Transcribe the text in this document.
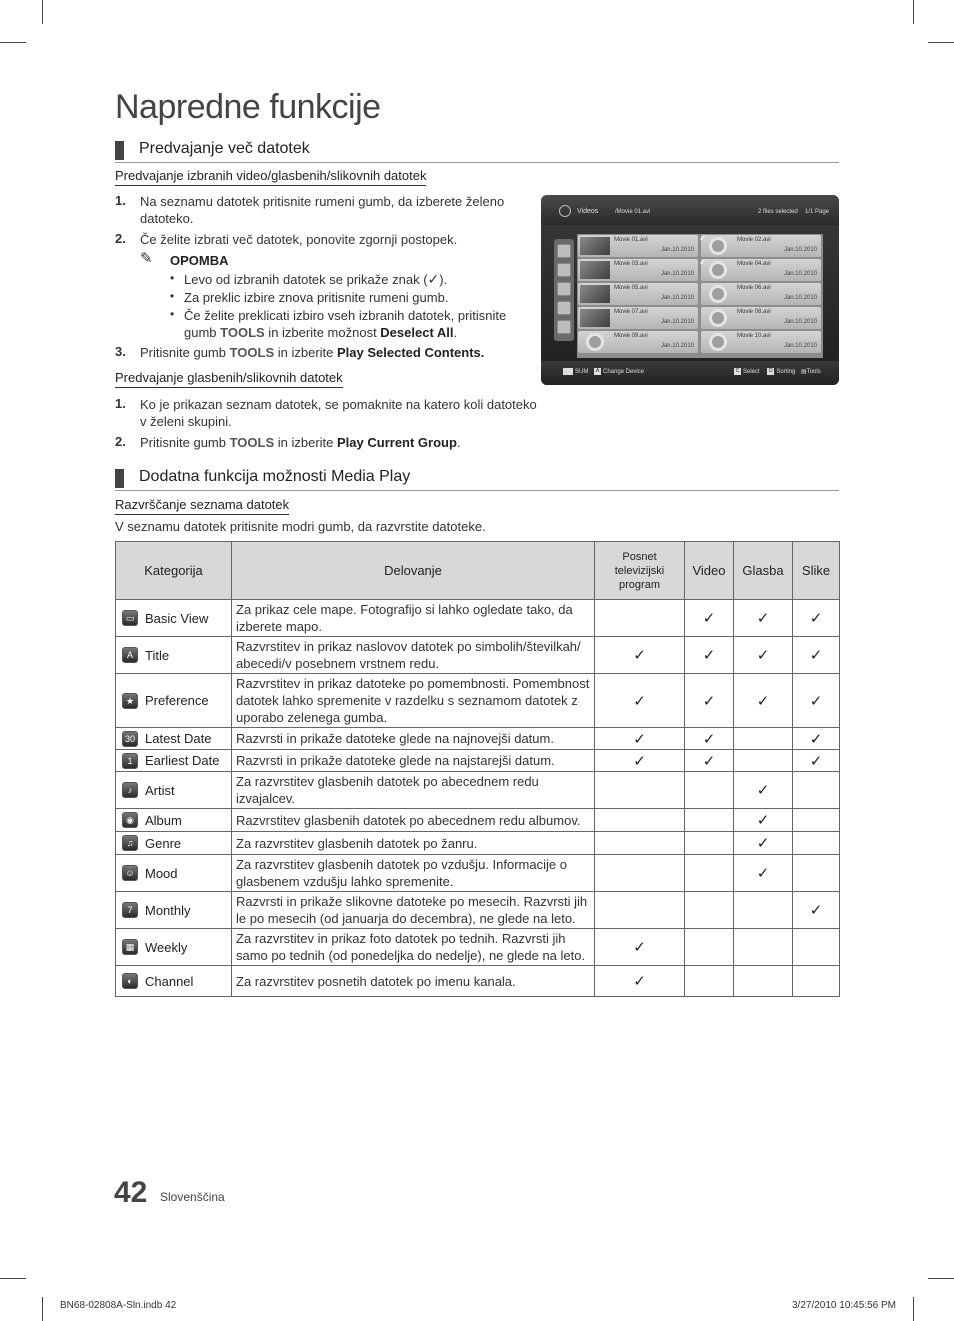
Napredne funkcije
Predvajanje več datotek
Predvajanje izbranih video/glasbenih/slikovnih datotek
1. Na seznamu datotek pritisnite rumeni gumb, da izberete želeno
datoteko.
2. Če želite izbrati več datotek, ponovite zgornji postopek.
✎ OPOMBA
• Levo od izbranih datotek se prikaže znak (✓).
• Za preklic izbire znova pritisnite rumeni gumb.
• Če želite preklicati izbiro vseh izbranih datotek, pritisnite
gumb TOOLS in izberite možnost Deselect All.
3. Pritisnite gumb TOOLS in izberite Play Selected Contents.
Predvajanje glasbenih/slikovnih datotek
1. Ko je prikazan seznam datotek, se pomaknite na katero koli datoteko
v želeni skupini.
2. Pritisnite gumb TOOLS in izberite Play Current Group.
Videos	/Movie 01.avi	2 files selected 1/1 Page
Movie 01.avi
Jan.10.2010
✓	Movie 02.avi
Jan.10.2010
Movie 03.avi
Jan.10.2010
✓	Movie 04.avi
Jan.10.2010
Movie 05.avi
Jan.10.2010
Movie 06.avi
Jan.10.2010
Movie 07.avi
Jan.10.2010
Movie 08.avi
Jan.10.2010
Movie 09.avi
Jan.10.2010
Movie 10.avi
Jan.10.2010
SUM A Change Device	C Select D Sorting ▤Tools
Dodatna funkcija možnosti Media Play
Razvrščanje seznama datotek
V seznamu datotek pritisnite modri gumb, da razvrstite datoteke.
Kategorija	Delovanje	Posnet
televizijski
program	Video	Glasba	Slike

▭ Basic View	Za prikaz cele mape. Fotografijo si lahko ogledate tako, da izberete mapo.		✓	✓	✓

A Title	Razvrstitev in prikaz naslovov datotek po simbolih/številkah/ abecedi/v posebnem vrstnem redu.	✓	✓	✓	✓

★ Preference	Razvrstitev in prikaz datoteke po pomembnosti. Pomembnost datotek lahko spremenite v razdelku s seznamom datotek z uporabo zelenega gumba.	✓	✓	✓	✓

30 Latest Date	Razvrsti in prikaže datoteke glede na najnovejši datum.	✓	✓		✓

1 Earliest Date	Razvrsti in prikaže datoteke glede na najstarejši datum.	✓	✓		✓

♪ Artist	Za razvrstitev glasbenih datotek po abecednem redu izvajalcev.			✓	

◉ Album	Razvrstitev glasbenih datotek po abecednem redu albumov.			✓	

♫ Genre	Za razvrstitev glasbenih datotek po žanru.			✓	

☺ Mood	Za razvrstitev glasbenih datotek po vzdušju. Informacije o glasbenem vzdušju lahko spremenite.			✓	

7 Monthly	Razvrsti in prikaže slikovne datoteke po mesecih. Razvrsti jih le po mesecih (od januarja do decembra), ne glede na leto.				✓

▦ Weekly	Za razvrstitev in prikaz foto datotek po tednih. Razvrsti jih samo po tednih (od ponedeljka do nedelje), ne glede na leto.	✓			

◐ Channel	Za razvrstitev posnetih datotek po imenu kanala.	✓			
42 Slovenščina
BN68-02808A-Sln.indb 42	3/27/2010 10:45:56 PM
